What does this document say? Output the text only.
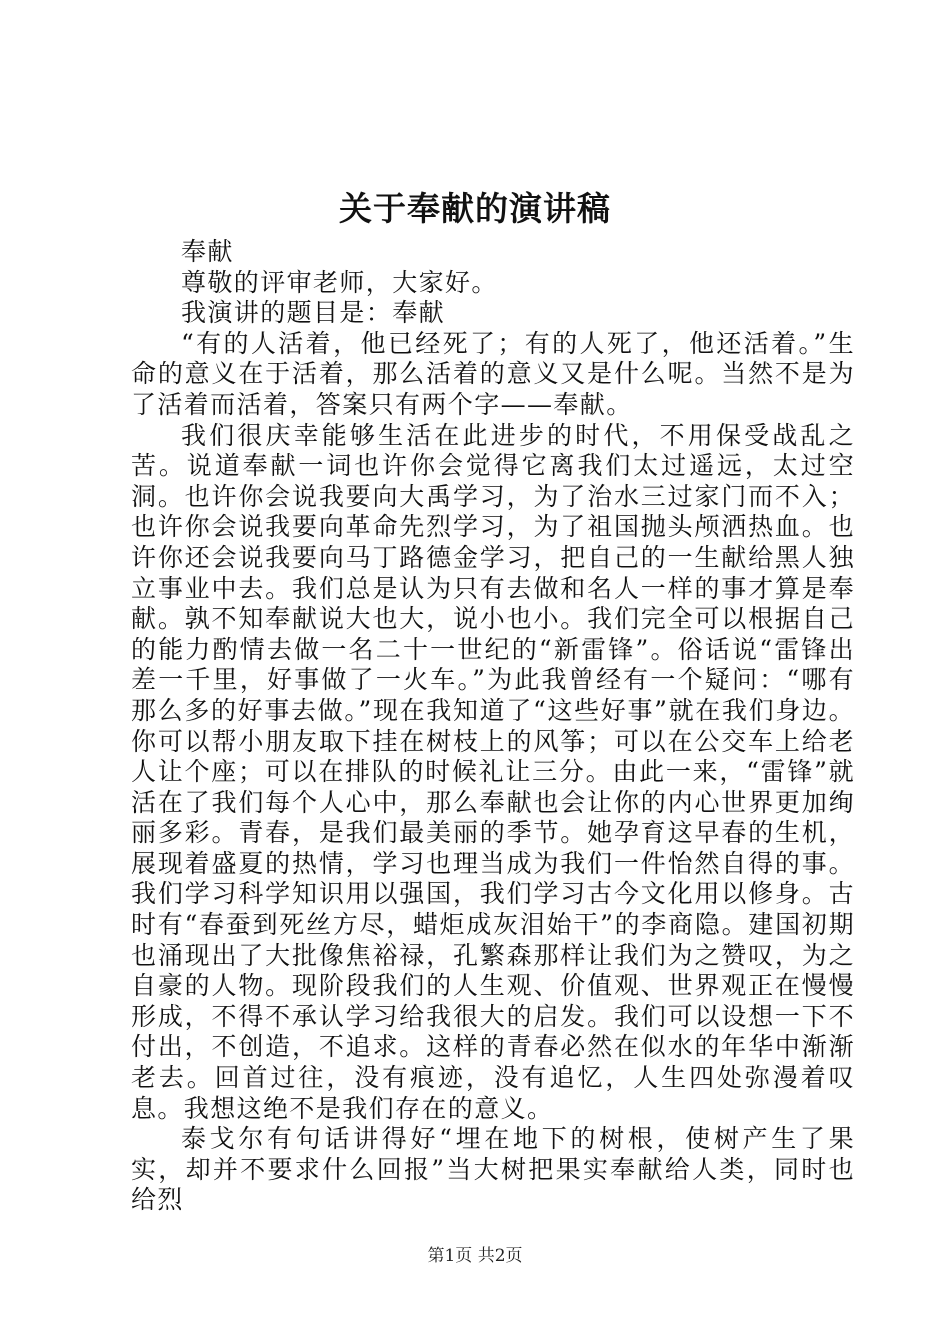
关于奉献的演讲稿

奉献

尊敬的评审老师，大家好。

我演讲的题目是：奉献

“有的人活着，他已经死了；有的人死了，他还活着。”生命的意义在于活着，那么活着的意义又是什么呢。当然不是为了活着而活着，答案只有两个字——奉献。

我们很庆幸能够生活在此进步的时代，不用保受战乱之苦。说道奉献一词也许你会觉得它离我们太过遥远，太过空洞。也许你会说我要向大禹学习，为了治水三过家门而不入；也许你会说我要向革命先烈学习，为了祖国抛头颅洒热血。也许你还会说我要向马丁路德金学习，把自己的一生献给黑人独立事业中去。我们总是认为只有去做和名人一样的事才算是奉献。孰不知奉献说大也大，说小也小。我们完全可以根据自己的能力酌情去做一名二十一世纪的“新雷锋”。俗话说“雷锋出差一千里，好事做了一火车。”为此我曾经有一个疑问：“哪有那么多的好事去做。”现在我知道了“这些好事”就在我们身边。你可以帮小朋友取下挂在树枝上的风筝；可以在公交车上给老人让个座；可以在排队的时候礼让三分。由此一来，“雷锋”就活在了我们每个人心中，那么奉献也会让你的内心世界更加绚丽多彩。青春，是我们最美丽的季节。她孕育这早春的生机，展现着盛夏的热情，学习也理当成为我们一件怡然自得的事。我们学习科学知识用以强国，我们学习古今文化用以修身。古时有“春蚕到死丝方尽，蜡炬成灰泪始干”的李商隐。建国初期也涌现出了大批像焦裕禄，孔繁森那样让我们为之赞叹，为之自豪的人物。现阶段我们的人生观、价值观、世界观正在慢慢形成，不得不承认学习给我很大的启发。我们可以设想一下不付出，不创造，不追求。这样的青春必然在似水的年华中渐渐老去。回首过往，没有痕迹，没有追忆，人生四处弥漫着叹息。我想这绝不是我们存在的意义。

泰戈尔有句话讲得好“埋在地下的树根，使树产生了果实，却并不要求什么回报”当大树把果实奉献给人类，同时也给烈

第1页 共2页
